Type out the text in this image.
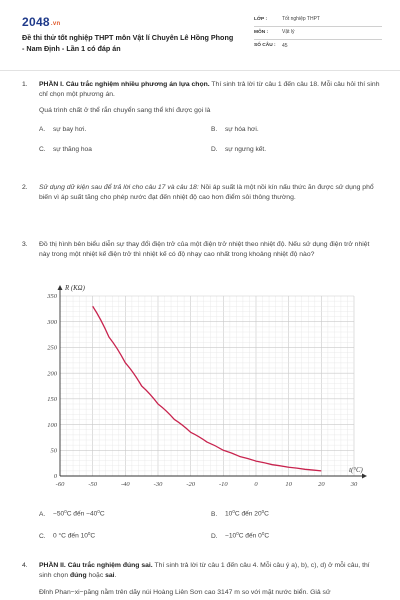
2048.vn
Đề thi thử tốt nghiệp THPT môn Vật lí Chuyên Lê Hồng Phong - Nam Định - Lần 1 có đáp án
LỚP :	Tốt nghiệp THPT
MÔN :	Vật lý
SỐ CÂU :	45
1. PHẦN I. Câu trắc nghiệm nhiều phương án lựa chọn. Thí sinh trả lời từ câu 1 đến câu 18. Mỗi câu hỏi thí sinh chỉ chọn một phương án.
Quá trình chất ở thể rắn chuyển sang thể khí được gọi là
A. sự bay hơi.	B. sự hóa hơi.
C. sự thăng hoa	D. sự ngưng kết.
2. Sử dụng dữ kiện sau để trả lời cho câu 17 và câu 18: Nồi áp suất là một nồi kín nấu thức ăn được sử dụng phổ biến vì áp suất tăng cho phép nước đạt đến nhiệt độ cao hơn điểm sôi thông thường.
3. Đồ thị hình bên biểu diễn sự thay đổi điện trở của một điện trở nhiệt theo nhiệt độ. Nếu sử dụng điện trở nhiệt này trong một nhiệt kế điện trở thì nhiệt kế có độ nhạy cao nhất trong khoảng nhiệt độ nào?
-60	-50	-40	-30	-20	-10	0	10	20	30
0
50
100
150
200
250
300
350
R (KΩ)
t(°C)
A. $-50^0C$ đến $-40^0C$	B. $10^0C$ đến $20^0C$
C. 0 °C đến $10^0C$	D. $-10^0C$ đến $0^0C$
4. PHẦN II. Câu trắc nghiệm đúng sai. Thí sinh trả lời từ câu 1 đến câu 4. Mỗi câu ý a), b), c), d) ở mỗi câu, thí sinh chọn đúng hoặc sai.
Đỉnh Phan−xi−păng nằm trên dãy núi Hoàng Liên Sơn cao 3147 m so với mặt nước biển. Giả sử
